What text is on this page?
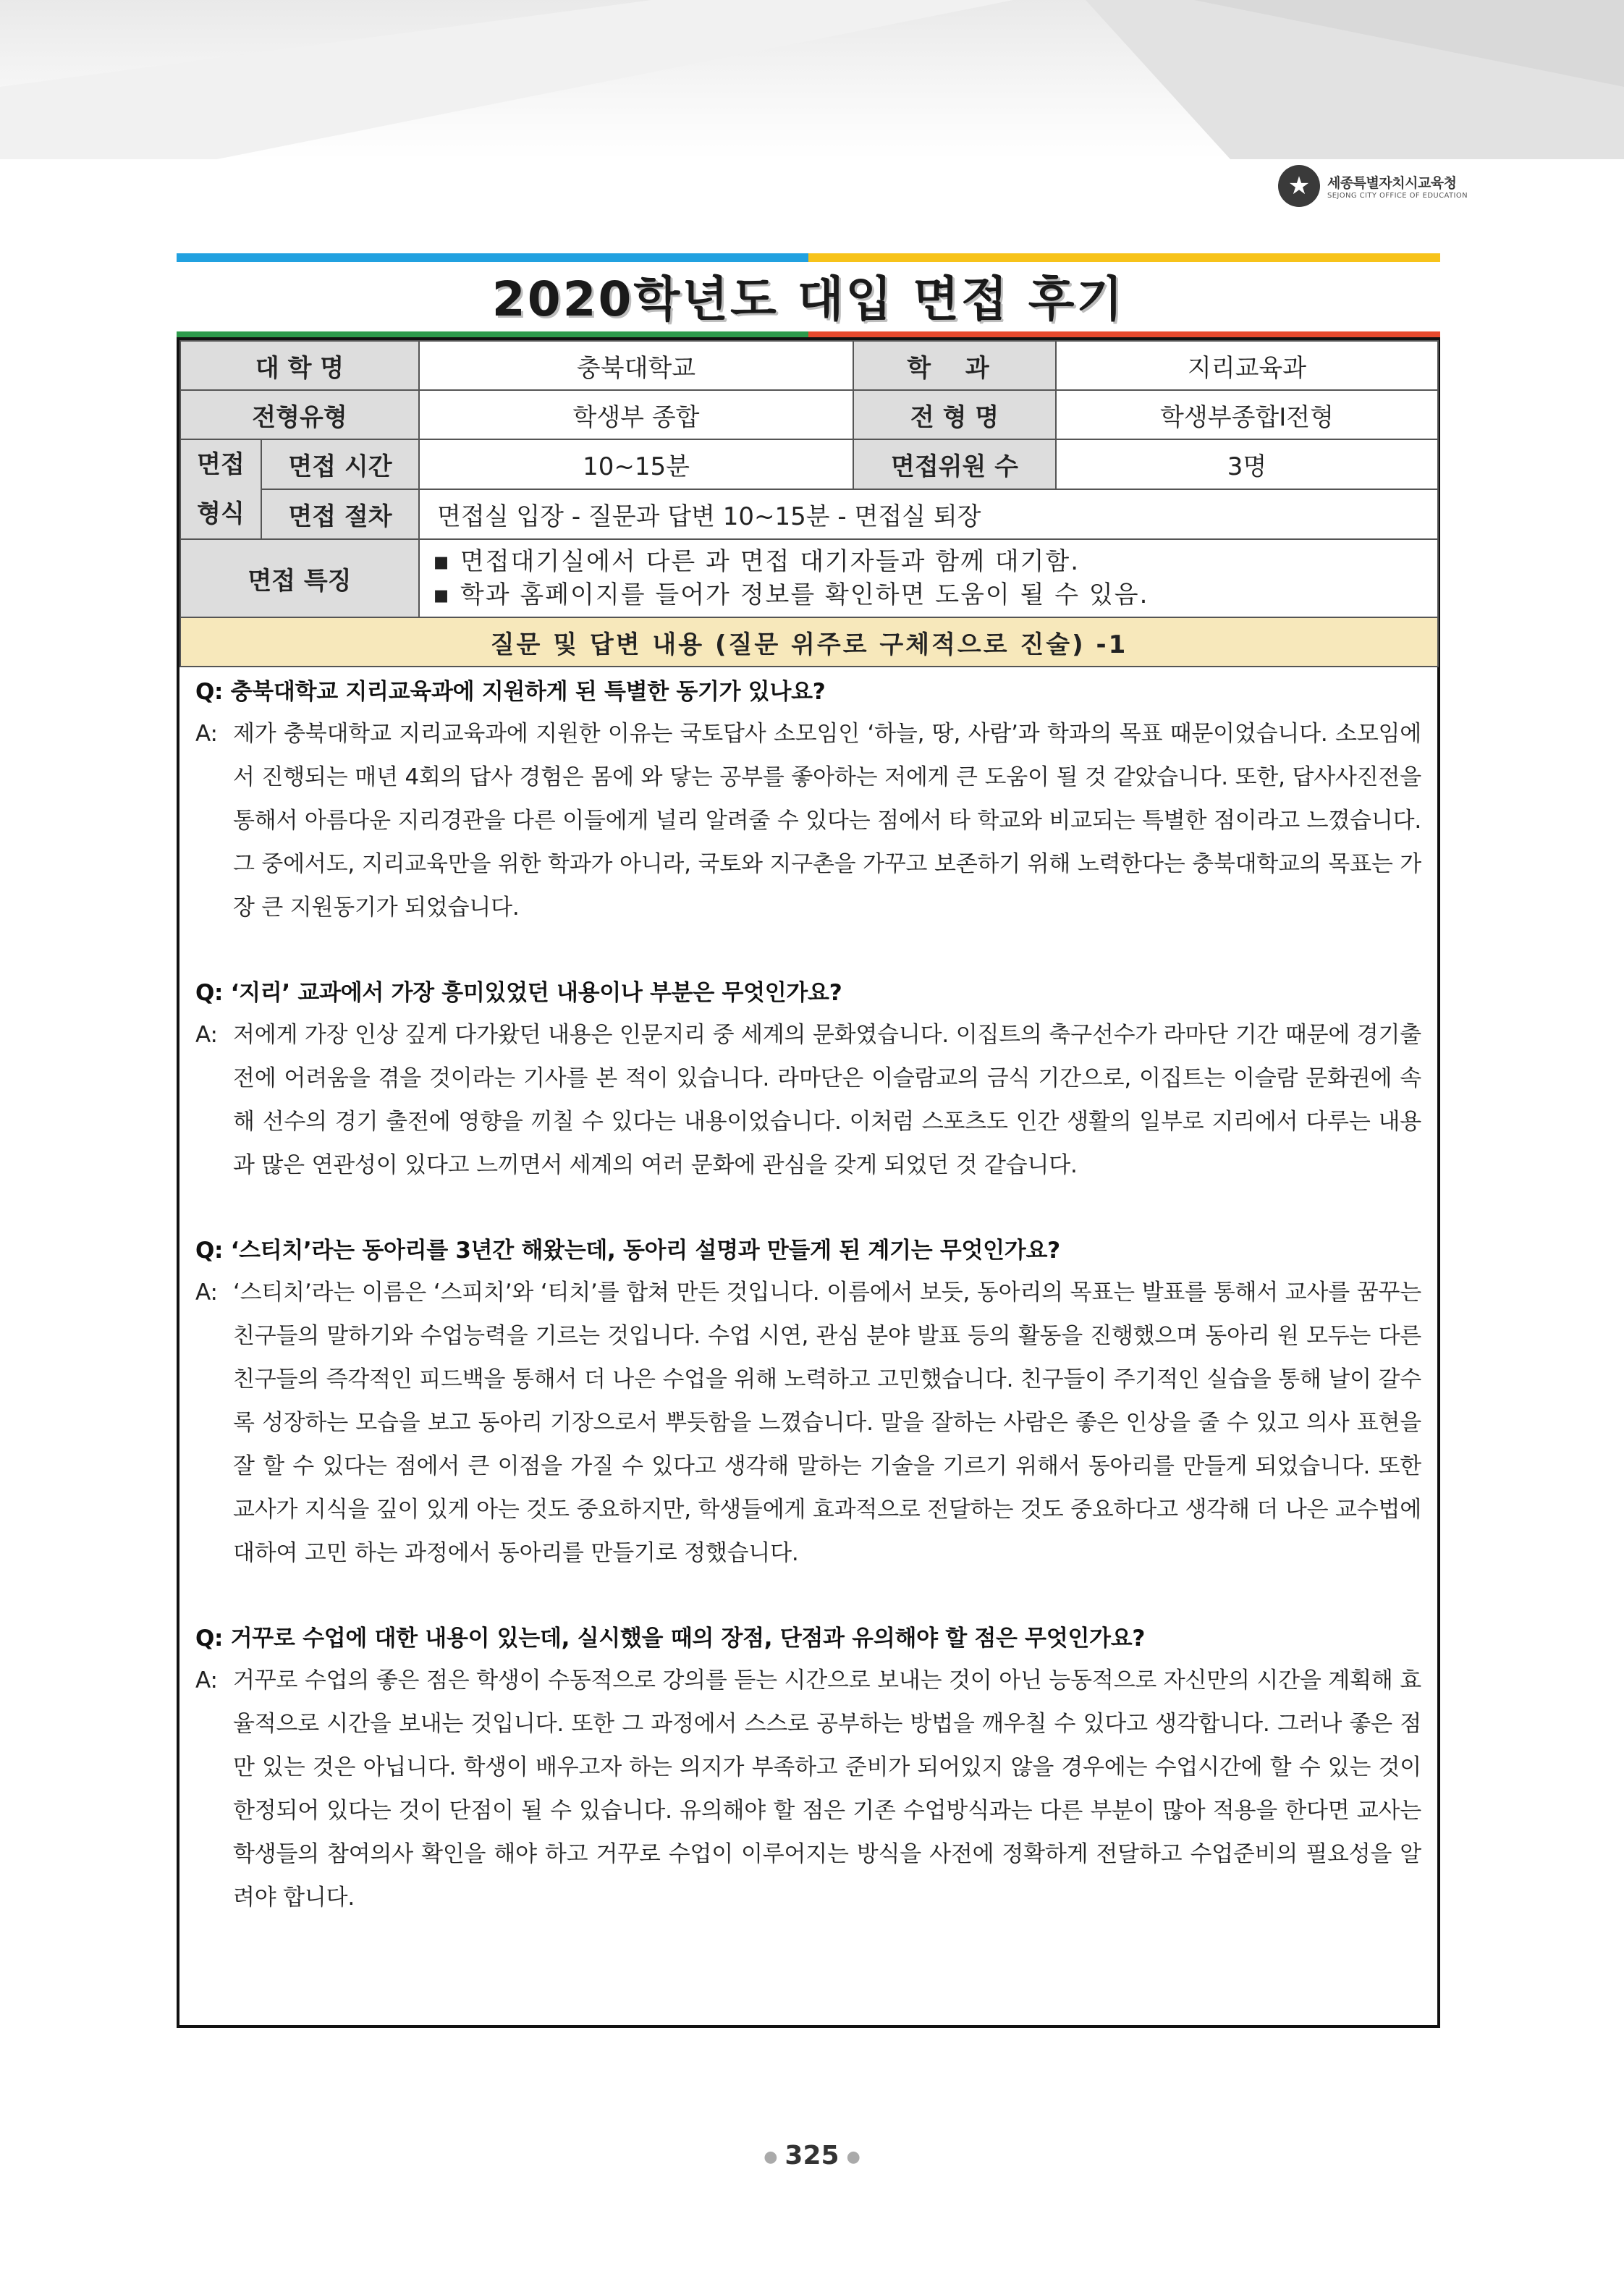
★	세종특별자치시교육청
SEJONG CITY OFFICE OF EDUCATION
2020학년도 대입 면접 후기
대 학 명		충북대학교	학 과	지리교육과
전형유형		학생부 종합	전 형 명	학생부종합Ⅰ전형

면접
형식	면접 시간	10~15분	면접위원 수	3명
	면접 절차	면접실 입장 - 질문과 답변 10~15분 - 면접실 퇴장		
면접 특징		▪ 면접대기실에서 다른 과 면접 대기자들과 함께 대기함.
▪ 학과 홈페이지를 들어가 정보를 확인하면 도움이 될 수 있음.		

질문 및 답변 내용 (질문 위주로 구체적으로 진술) -1				
Q: 충북대학교 지리교육과에 지원하게 된 특별한 동기가 있나요?
A: 제가 충북대학교 지리교육과에 지원한 이유는 국토답사 소모임인 ‘하늘, 땅, 사람’과 학과의 목표 때문이었습니다. 소모임에서 진행되는 매년 4회의 답사 경험은 몸에 와 닿는 공부를 좋아하는 저에게 큰 도움이 될 것 같았습니다. 또한, 답사사진전을 통해서 아름다운 지리경관을 다른 이들에게 널리 알려줄 수 있다는 점에서 타 학교와 비교되는 특별한 점이라고 느꼈습니다. 그 중에서도, 지리교육만을 위한 학과가 아니라, 국토와 지구촌을 가꾸고 보존하기 위해 노력한다는 충북대학교의 목표는 가장 큰 지원동기가 되었습니다.
Q: ‘지리’ 교과에서 가장 흥미있었던 내용이나 부분은 무엇인가요?
A: 저에게 가장 인상 깊게 다가왔던 내용은 인문지리 중 세계의 문화였습니다. 이집트의 축구선수가 라마단 기간 때문에 경기출전에 어려움을 겪을 것이라는 기사를 본 적이 있습니다. 라마단은 이슬람교의 금식 기간으로, 이집트는 이슬람 문화권에 속해 선수의 경기 출전에 영향을 끼칠 수 있다는 내용이었습니다. 이처럼 스포츠도 인간 생활의 일부로 지리에서 다루는 내용과 많은 연관성이 있다고 느끼면서 세계의 여러 문화에 관심을 갖게 되었던 것 같습니다.
Q: ‘스티치’라는 동아리를 3년간 해왔는데, 동아리 설명과 만들게 된 계기는 무엇인가요?
A: ‘스티치’라는 이름은 ‘스피치’와 ‘티치’를 합쳐 만든 것입니다. 이름에서 보듯, 동아리의 목표는 발표를 통해서 교사를 꿈꾸는 친구들의 말하기와 수업능력을 기르는 것입니다. 수업 시연, 관심 분야 발표 등의 활동을 진행했으며 동아리 원 모두는 다른 친구들의 즉각적인 피드백을 통해서 더 나은 수업을 위해 노력하고 고민했습니다. 친구들이 주기적인 실습을 통해 날이 갈수록 성장하는 모습을 보고 동아리 기장으로서 뿌듯함을 느꼈습니다. 말을 잘하는 사람은 좋은 인상을 줄 수 있고 의사 표현을 잘 할 수 있다는 점에서 큰 이점을 가질 수 있다고 생각해 말하는 기술을 기르기 위해서 동아리를 만들게 되었습니다. 또한 교사가 지식을 깊이 있게 아는 것도 중요하지만, 학생들에게 효과적으로 전달하는 것도 중요하다고 생각해 더 나은 교수법에 대하여 고민 하는 과정에서 동아리를 만들기로 정했습니다.
Q: 거꾸로 수업에 대한 내용이 있는데, 실시했을 때의 장점, 단점과 유의해야 할 점은 무엇인가요?
A: 거꾸로 수업의 좋은 점은 학생이 수동적으로 강의를 듣는 시간으로 보내는 것이 아닌 능동적으로 자신만의 시간을 계획해 효율적으로 시간을 보내는 것입니다. 또한 그 과정에서 스스로 공부하는 방법을 깨우칠 수 있다고 생각합니다. 그러나 좋은 점만 있는 것은 아닙니다. 학생이 배우고자 하는 의지가 부족하고 준비가 되어있지 않을 경우에는 수업시간에 할 수 있는 것이 한정되어 있다는 것이 단점이 될 수 있습니다. 유의해야 할 점은 기존 수업방식과는 다른 부분이 많아 적용을 한다면 교사는 학생들의 참여의사 확인을 해야 하고 거꾸로 수업이 이루어지는 방식을 사전에 정확하게 전달하고 수업준비의 필요성을 알려야 합니다.
● 325 ●
